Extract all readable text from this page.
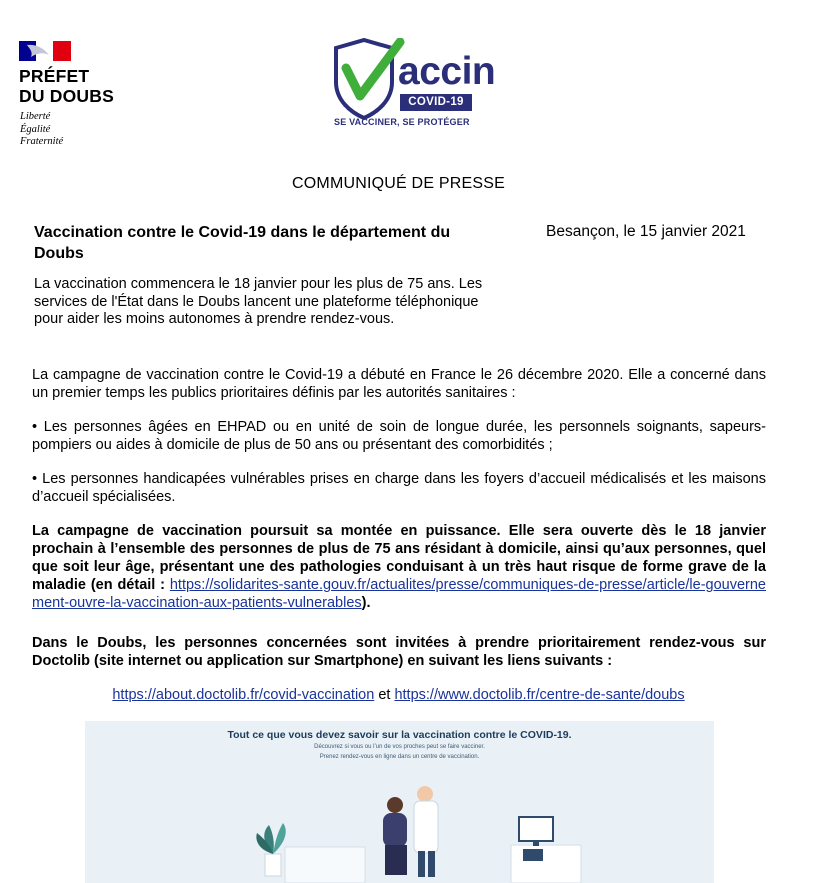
PRÉFET
DU DOUBS
Liberté
Égalité
Fraternité
accin
COVID-19
SE VACCINER, SE PROTÉGER
COMMUNIQUÉ DE PRESSE
Vaccination contre le Covid-19 dans le département du Doubs
Besançon, le 15 janvier 2021
La vaccination commencera le 18 janvier pour les plus de 75 ans. Les services de l'État dans le Doubs lancent une plateforme téléphonique pour aider les moins autonomes à prendre rendez-vous.
La campagne de vaccination contre le Covid-19 a débuté en France le 26 décembre 2020. Elle a concerné dans un premier temps les publics prioritaires définis par les autorités sanitaires :
• Les personnes âgées en EHPAD ou en unité de soin de longue durée, les personnels soignants, sapeurs-pompiers ou aides à domicile de plus de 50 ans ou présentant des comorbidités ;
• Les personnes handicapées vulnérables prises en charge dans les foyers d’accueil médicalisés et les maisons d’accueil spécialisées.
La campagne de vaccination poursuit sa montée en puissance. Elle sera ouverte dès le 18 janvier prochain à l’ensemble des personnes de plus de 75 ans résidant à domicile, ainsi qu’aux personnes, quel que soit leur âge, présentant une des pathologies conduisant à un très haut risque de forme grave de la maladie (en détail : https://solidarites-sante.gouv.fr/actualites/presse/communiques-de-presse/article/le-gouvernement-ouvre-la-vaccination-aux-patients-vulnerables).
Dans le Doubs, les personnes concernées sont invitées à prendre prioritairement rendez-vous sur Doctolib (site internet ou application sur Smartphone) en suivant les liens suivants :
https://about.doctolib.fr/covid-vaccination et https://www.doctolib.fr/centre-de-sante/doubs
Tout ce que vous devez savoir sur la vaccination contre le COVID-19.
Découvrez si vous ou l’un de vos proches peut se faire vacciner.
Prenez rendez-vous en ligne dans un centre de vaccination.
